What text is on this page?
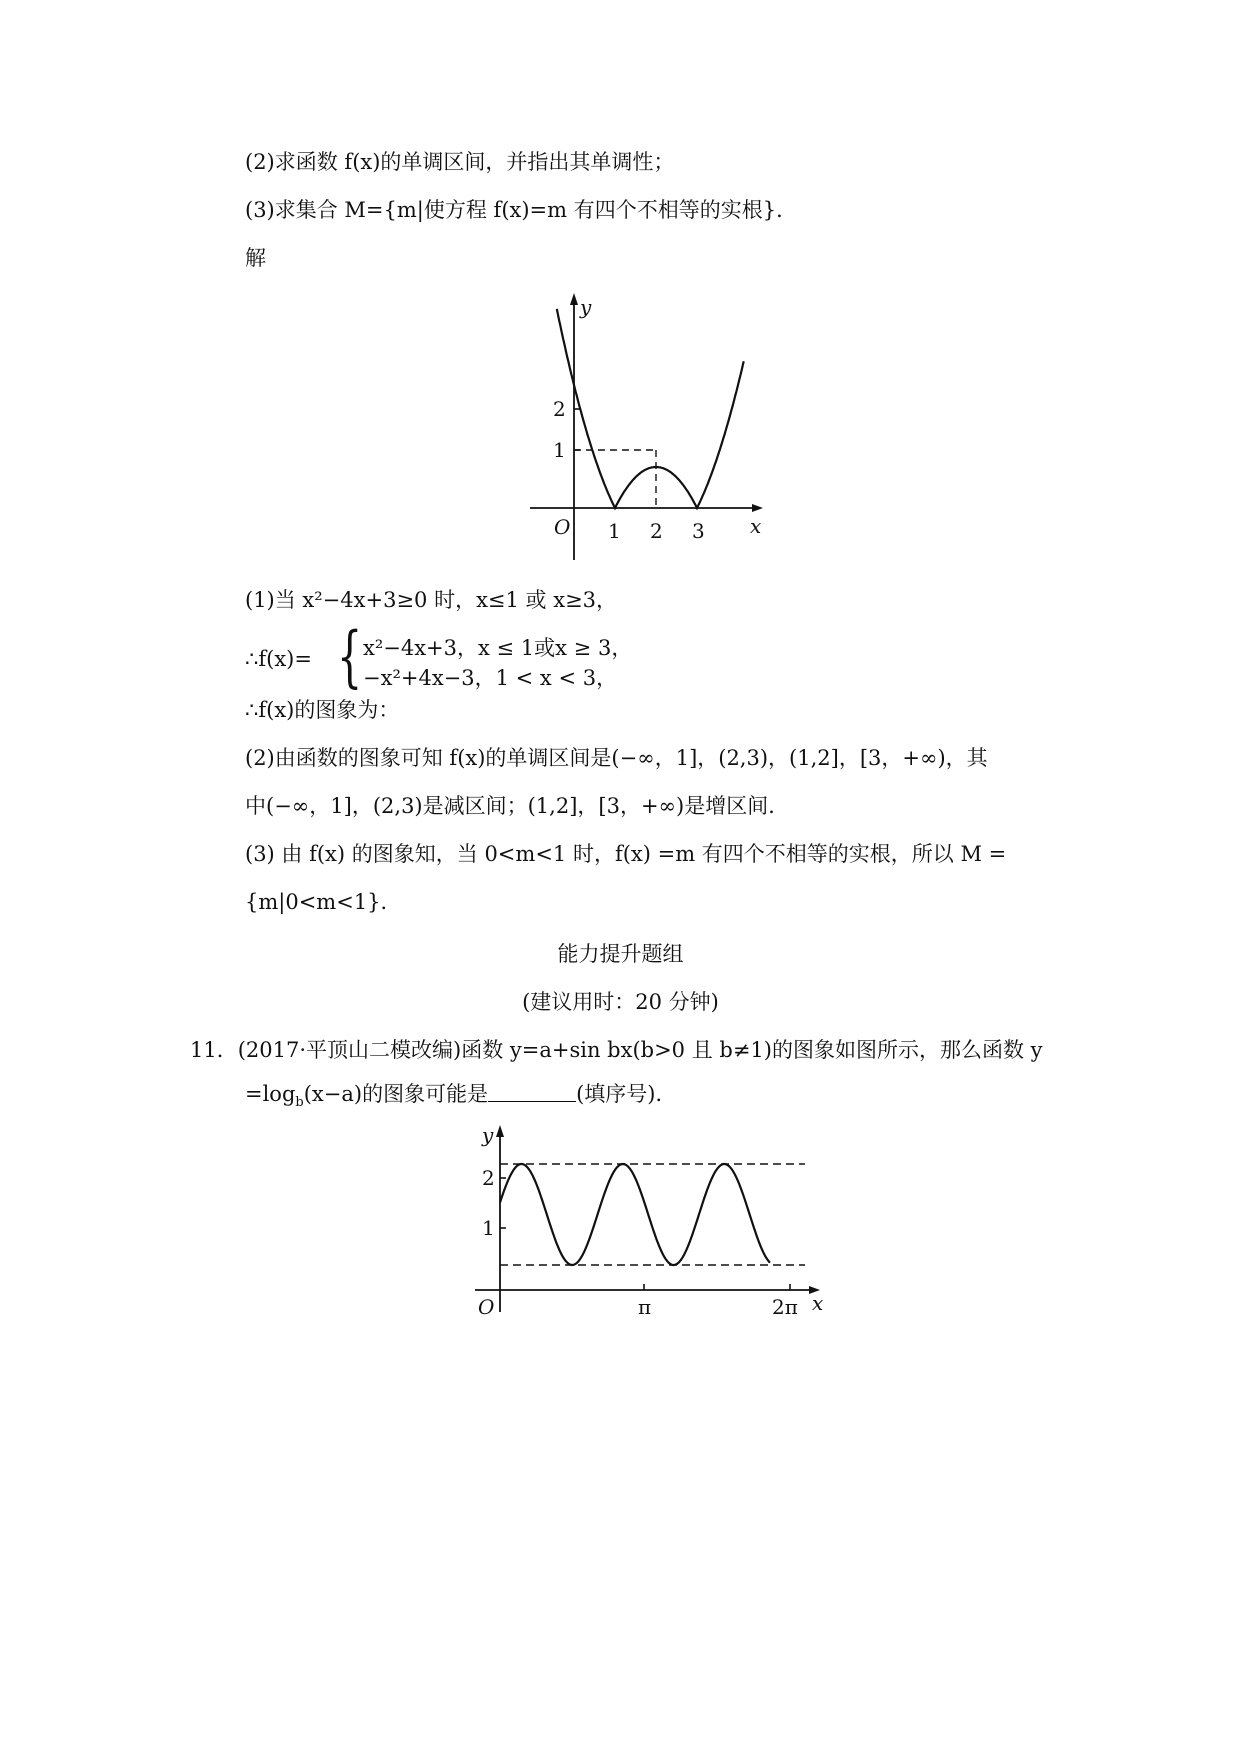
(2)求函数 f(x)的单调区间，并指出其单调性；
(3)求集合 M={m|使方程 f(x)=m 有四个不相等的实根}．
解
y
x
O 1 2 3
1
2
(1)当 x²−4x+3≥0 时，x≤1 或 x≥3，
∴f(x)= { x²−4x+3，x ≤ 1或x ≥ 3，
−x²+4x−3，1 < x < 3，
∴f(x)的图象为：
(2)由函数的图象可知 f(x)的单调区间是(−∞，1]，(2,3)，(1,2]，[3，+∞)，其
中(−∞，1]，(2,3)是减区间；(1,2]，[3，+∞)是增区间．
(3) 由 f(x) 的图象知，当 0<m<1 时，f(x) =m 有四个不相等的实根，所以 M =
{m|0<m<1}．
能力提升题组
(建议用时：20 分钟)
11．(2017·平顶山二模改编)函数 y=a+sin bx(b>0 且 b≠1)的图象如图所示，那么函数 y
$=\log_b(x-a)$的图象可能是	(填序号)．
y
x
O	π	2π
2
1
